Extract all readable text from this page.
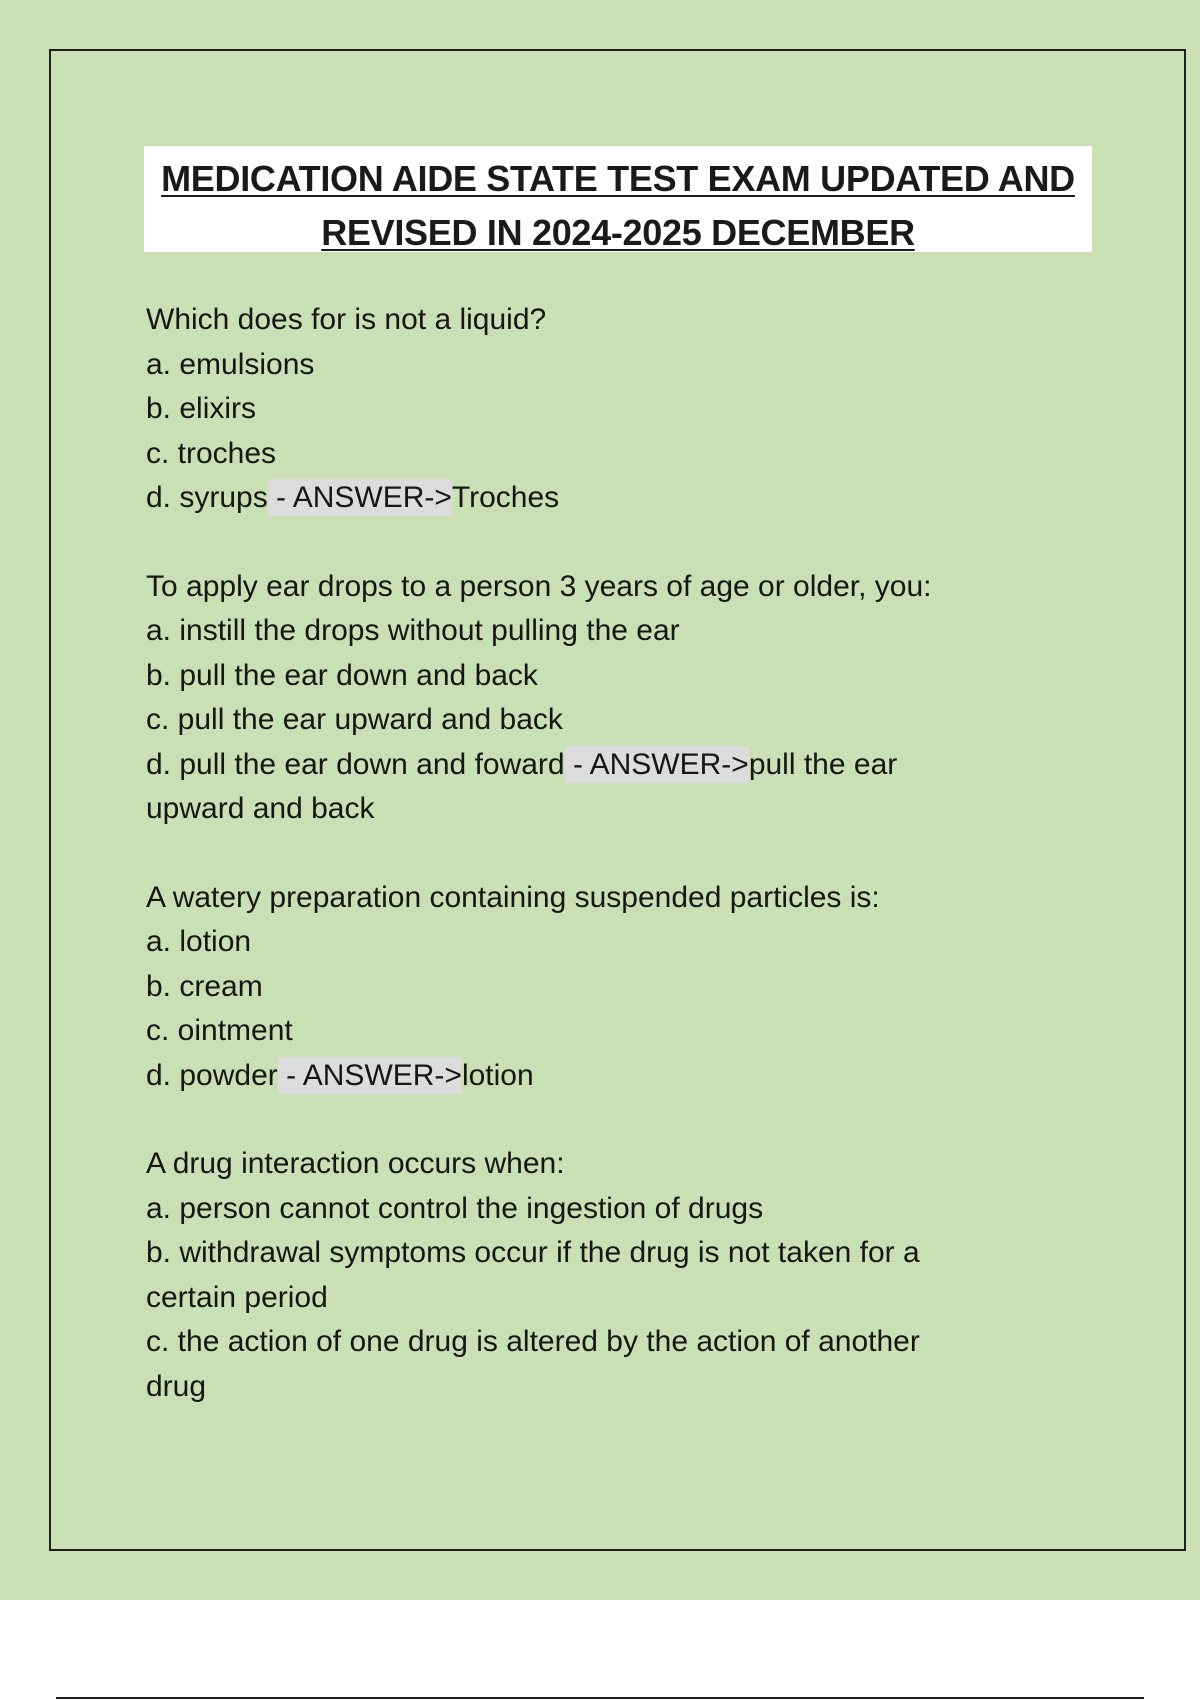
MEDICATION AIDE STATE TEST EXAM UPDATED AND
REVISED IN 2024-2025 DECEMBER

Which does for is not a liquid?

a. emulsions

b. elixirs

c. troches

d. syrups - ANSWER->Troches

To apply ear drops to a person 3 years of age or older, you:

a. instill the drops without pulling the ear

b. pull the ear down and back

c. pull the ear upward and back

d. pull the ear down and foward - ANSWER->pull the ear

upward and back

A watery preparation containing suspended particles is:

a. lotion

b. cream

c. ointment

d. powder - ANSWER->lotion

A drug interaction occurs when:

a. person cannot control the ingestion of drugs

b. withdrawal symptoms occur if the drug is not taken for a

certain period

c. the action of one drug is altered by the action of another

drug
